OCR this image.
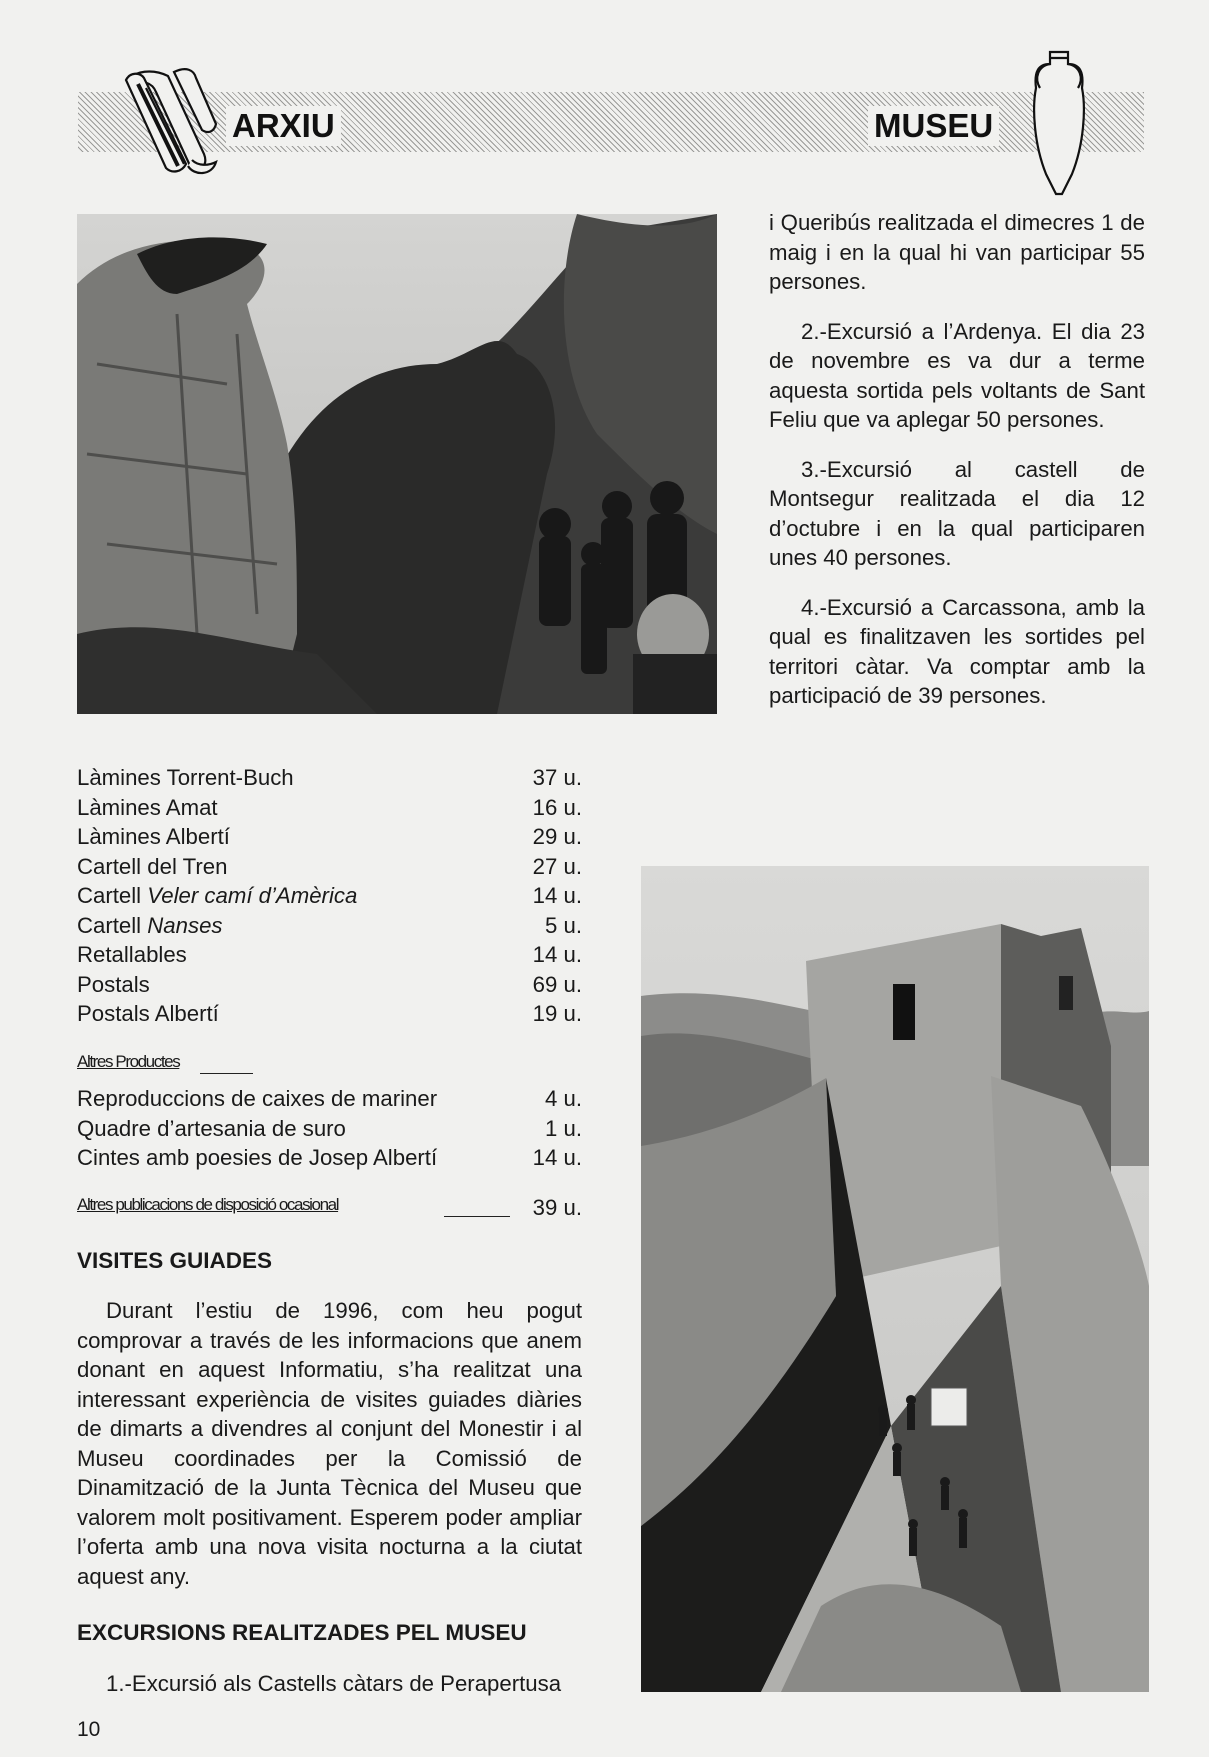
ARXIU	MUSEU

i Queribús realitzada el dimecres 1 de maig i en la qual hi van participar 55 persones.

2.-Excursió a l’Ardenya. El dia 23 de novembre es va dur a terme aquesta sortida pels voltants de Sant Feliu que va aplegar 50 persones.

3.-Excursió al castell de Montsegur realitzada el dia 12 d’octubre i en la qual participaren unes 40 persones.

4.-Excursió a Carcassona, amb la qual es finalitzaven les sortides pel territori càtar. Va comptar amb la participació de 39 persones.

Làmines Torrent-Buch	37 u.
Làmines Amat	16 u.
Làmines Albertí	29 u.
Cartell del Tren	27 u.
Cartell Veler camí d’Amèrica	14 u.
Cartell Nanses	5 u.
Retallables	14 u.
Postals	69 u.
Postals Albertí	19 u.
Altres Productes
Reproduccions de caixes de mariner	4 u.
Quadre d’artesania de suro	1 u.
Cintes amb poesies de Josep Albertí	14 u.
Altres publicacions de disposició ocasional	39 u.
VISITES GUIADES

Durant l’estiu de 1996, com heu pogut comprovar a través de les informacions que anem donant en aquest Informatiu, s’ha realitzat una interessant experiència de visites guiades diàries de dimarts a divendres al conjunt del Monestir i al Museu coordinades per la Comissió de Dinamització de la Junta Tècnica del Museu que valorem molt positivament. Esperem poder ampliar l’oferta amb una nova visita nocturna a la ciutat aquest any.

EXCURSIONS REALITZADES PEL MUSEU

1.-Excursió als Castells càtars de Perapertusa

10
